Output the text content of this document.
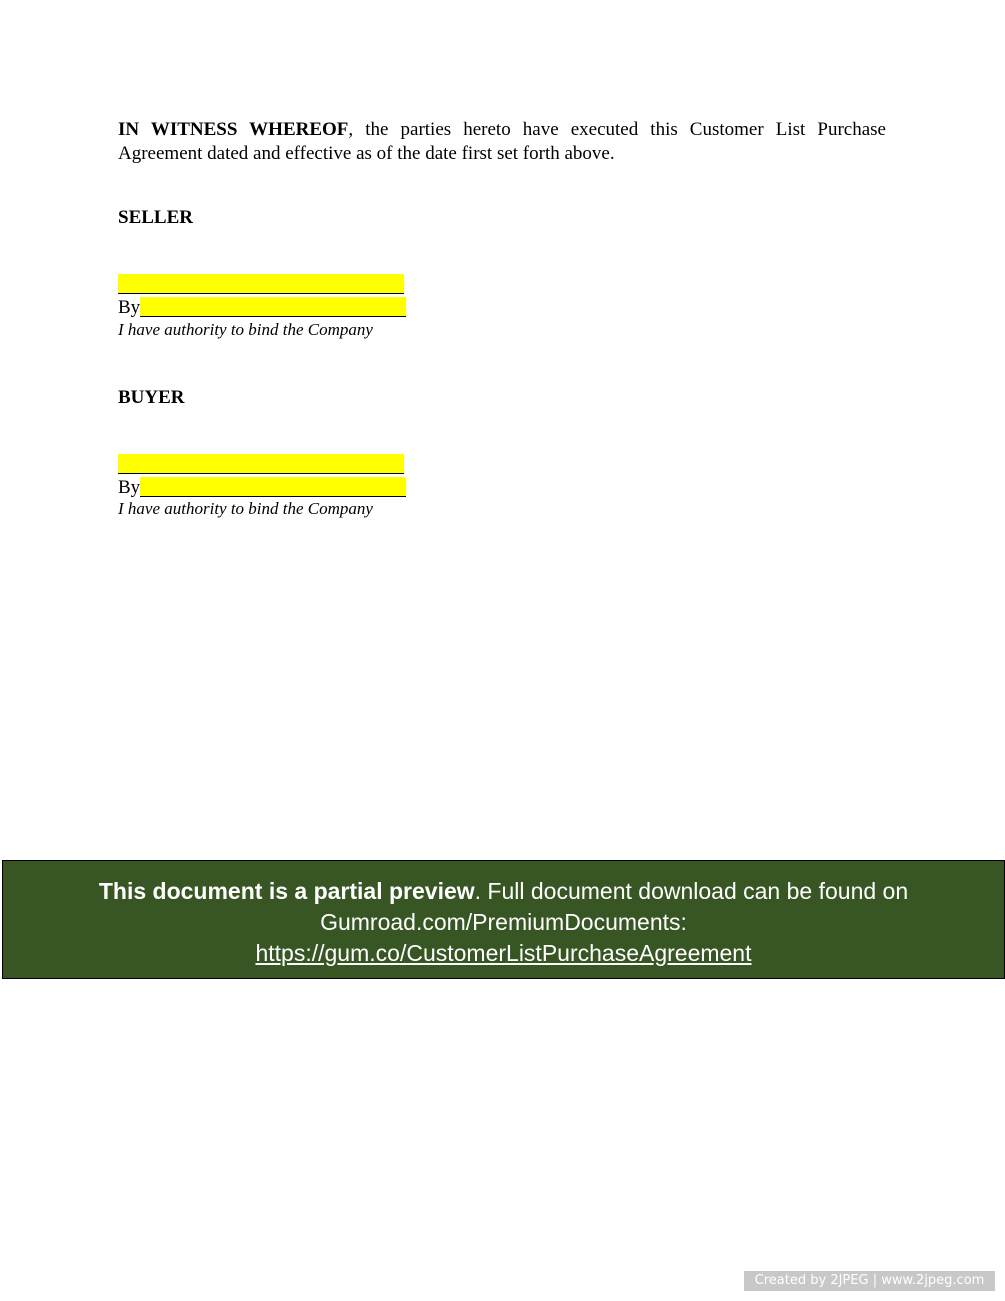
IN WITNESS WHEREOF, the parties hereto have executed this Customer List Purchase Agreement dated and effective as of the date first set forth above.

SELLER
By
I have authority to bind the Company
BUYER
By
I have authority to bind the Company
This document is a partial preview. Full document download can be found on Gumroad.com/PremiumDocuments:
https://gum.co/CustomerListPurchaseAgreement
Created by 2JPEG | www.2jpeg.com
